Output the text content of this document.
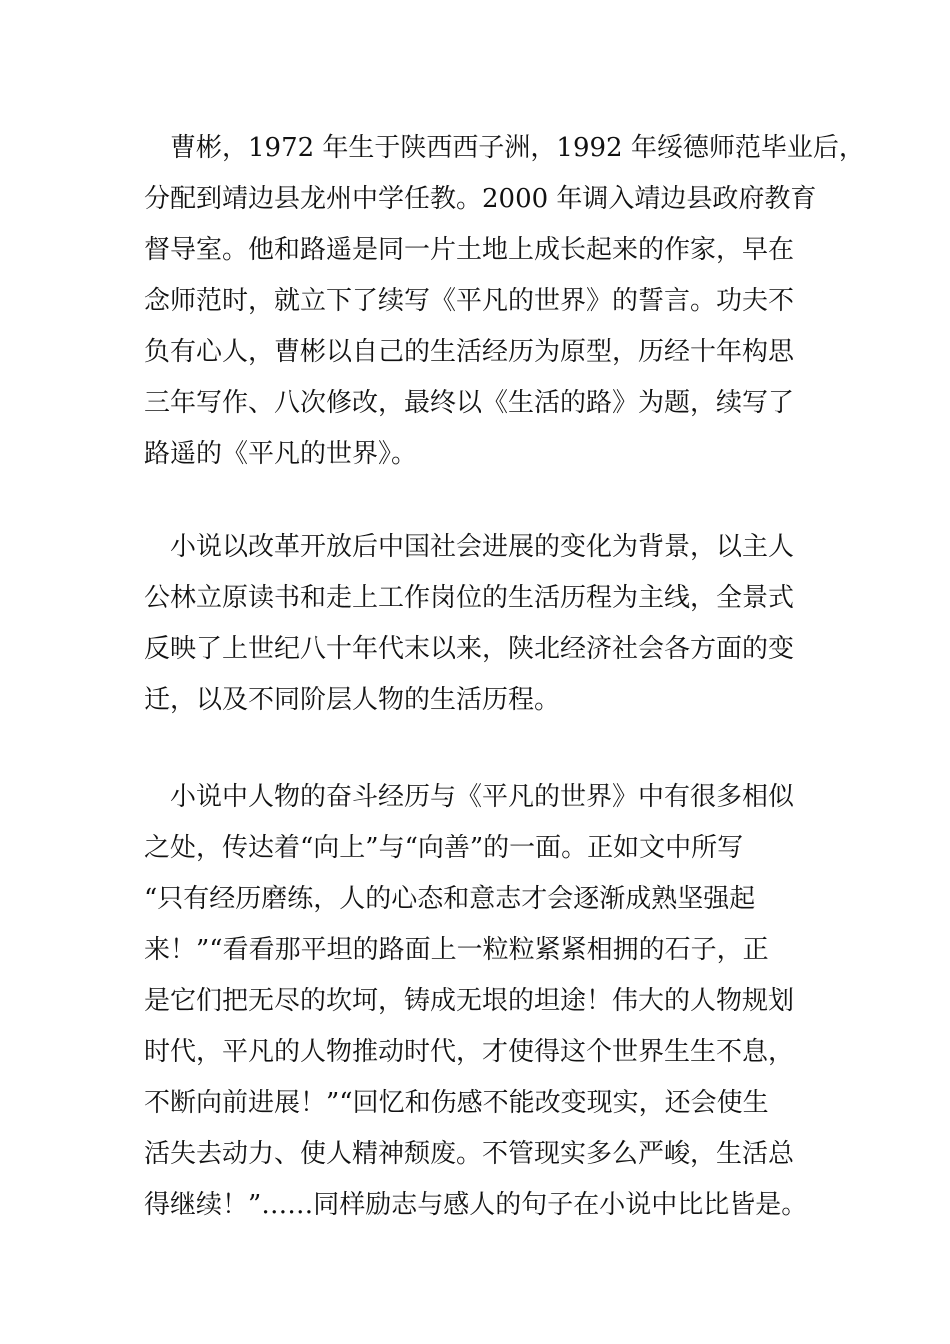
　曹彬，1972 年生于陕西西子洲，1992 年绥德师范毕业后，
分配到靖边县龙州中学任教。2000 年调入靖边县政府教育
督导室。他和路遥是同一片土地上成长起来的作家，早在
念师范时，就立下了续写《平凡的世界》的誓言。功夫不
负有心人，曹彬以自己的生活经历为原型，历经十年构思
三年写作、八次修改，最终以《生活的路》为题，续写了
路遥的《平凡的世界》。
　小说以改革开放后中国社会进展的变化为背景，以主人
公林立原读书和走上工作岗位的生活历程为主线，全景式
反映了上世纪八十年代末以来，陕北经济社会各方面的变
迁，以及不同阶层人物的生活历程。
　小说中人物的奋斗经历与《平凡的世界》中有很多相似
之处，传达着“向上”与“向善”的一面。正如文中所写
“只有经历磨练，人的心态和意志才会逐渐成熟坚强起
来！”“看看那平坦的路面上一粒粒紧紧相拥的石子，正
是它们把无尽的坎坷，铸成无垠的坦途！伟大的人物规划
时代，平凡的人物推动时代，才使得这个世界生生不息，
不断向前进展！”“回忆和伤感不能改变现实，还会使生
活失去动力、使人精神颓废。不管现实多么严峻，生活总
得继续！”……同样励志与感人的句子在小说中比比皆是。
